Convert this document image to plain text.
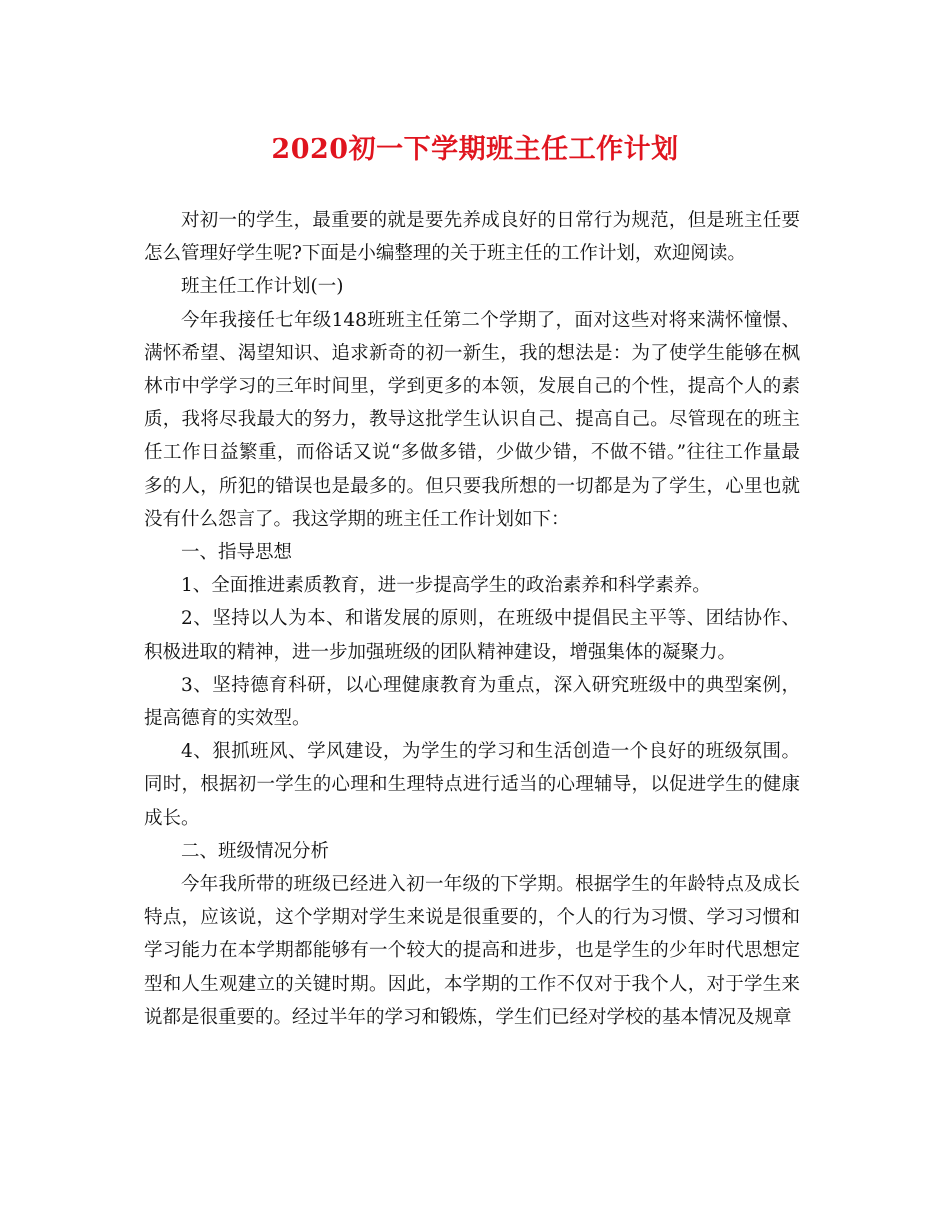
2020初一下学期班主任工作计划

对初一的学生，最重要的就是要先养成良好的日常行为规范，但是班主任要怎么管理好学生呢?下面是小编整理的关于班主任的工作计划，欢迎阅读。

班主任工作计划(一)

今年我接任七年级148班班主任第二个学期了，面对这些对将来满怀憧憬、满怀希望、渴望知识、追求新奇的初一新生，我的想法是：为了使学生能够在枫林市中学学习的三年时间里，学到更多的本领，发展自己的个性，提高个人的素质，我将尽我最大的努力，教导这批学生认识自己、提高自己。尽管现在的班主任工作日益繁重，而俗话又说“多做多错，少做少错，不做不错。”往往工作量最多的人，所犯的错误也是最多的。但只要我所想的一切都是为了学生，心里也就没有什么怨言了。我这学期的班主任工作计划如下：

一、指导思想

1、全面推进素质教育，进一步提高学生的政治素养和科学素养。

2、坚持以人为本、和谐发展的原则，在班级中提倡民主平等、团结协作、积极进取的精神，进一步加强班级的团队精神建设，增强集体的凝聚力。

3、坚持德育科研，以心理健康教育为重点，深入研究班级中的典型案例，提高德育的实效型。

4、狠抓班风、学风建设，为学生的学习和生活创造一个良好的班级氛围。同时，根据初一学生的心理和生理特点进行适当的心理辅导，以促进学生的健康成长。

二、班级情况分析

今年我所带的班级已经进入初一年级的下学期。根据学生的年龄特点及成长特点，应该说，这个学期对学生来说是很重要的，个人的行为习惯、学习习惯和学习能力在本学期都能够有一个较大的提高和进步，也是学生的少年时代思想定型和人生观建立的关键时期。因此，本学期的工作不仅对于我个人，对于学生来说都是很重要的。经过半年的学习和锻炼，学生们已经对学校的基本情况及规章
